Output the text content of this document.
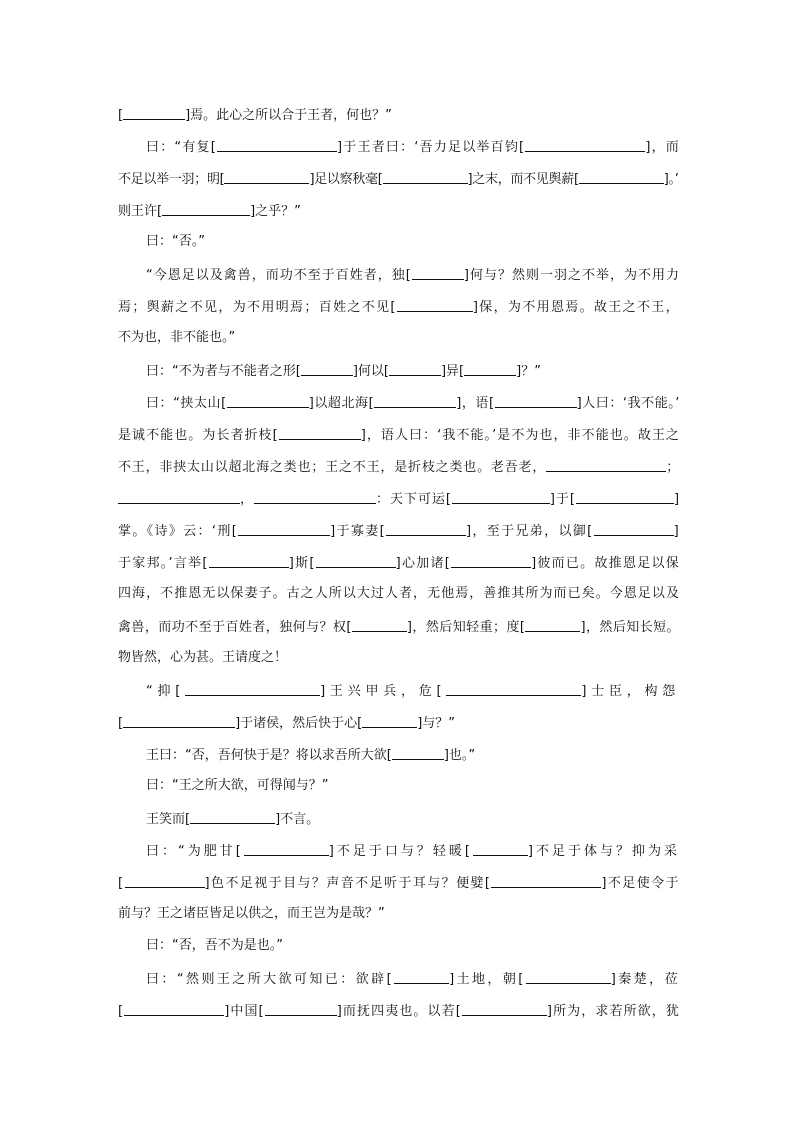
[	]焉。此心之所以合于王者，何也？”
曰：“有复[	]于王者曰：‘吾力足以举百钧[	]，而
不足以举一羽；明[	]足以察秋毫[	]之末，而不见舆薪[	]。’
则王许[	]之乎？”
曰：“否。”
“今恩足以及禽兽，而功不至于百姓者，独[	]何与？然则一羽之不举，为不用力
焉；舆薪之不见，为不用明焉；百姓之不见[	]保，为不用恩焉。故王之不王，
不为也，非不能也。”
曰：“不为者与不能者之形[	]何以[	]异[	]？”
曰：“挟太山[	]以超北海[	]，语[	]人曰：‘我不能。’
是诚不能也。为长者折枝[	]，语人曰：‘我不能。’是不为也，非不能也。故王之
不王，非挟太山以超北海之类也；王之不王，是折枝之类也。老吾老，	；
，	：天下可运[	]于[	]
掌。《诗》云：‘刑[	]于寡妻[	]，至于兄弟，以御[	]
于家邦。’言举[	]斯[	]心加诸[	]彼而已。故推恩足以保
四海，不推恩无以保妻子。古之人所以大过人者，无他焉，善推其所为而已矣。今恩足以及
禽兽，而功不至于百姓者，独何与？权[	]，然后知轻重；度[	]，然后知长短。
物皆然，心为甚。王请度之！
“抑[	]王兴甲兵，危[	]士臣，构怨
[	]于诸侯，然后快于心[	]与？”
王曰：“否，吾何快于是？将以求吾所大欲[	]也。”
曰：“王之所大欲，可得闻与？”
王笑而[	]不言。
曰：“为肥甘[	]不足于口与？轻暖[	]不足于体与？抑为采
[	]色不足视于目与？声音不足听于耳与？便嬖[	]不足使令于
前与？王之诸臣皆足以供之，而王岂为是哉？”
曰：“否，吾不为是也。”
曰：“然则王之所大欲可知已：欲辟[	]土地，朝[	]秦楚，莅
[	]中国[	]而抚四夷也。以若[	]所为，求若所欲，犹
